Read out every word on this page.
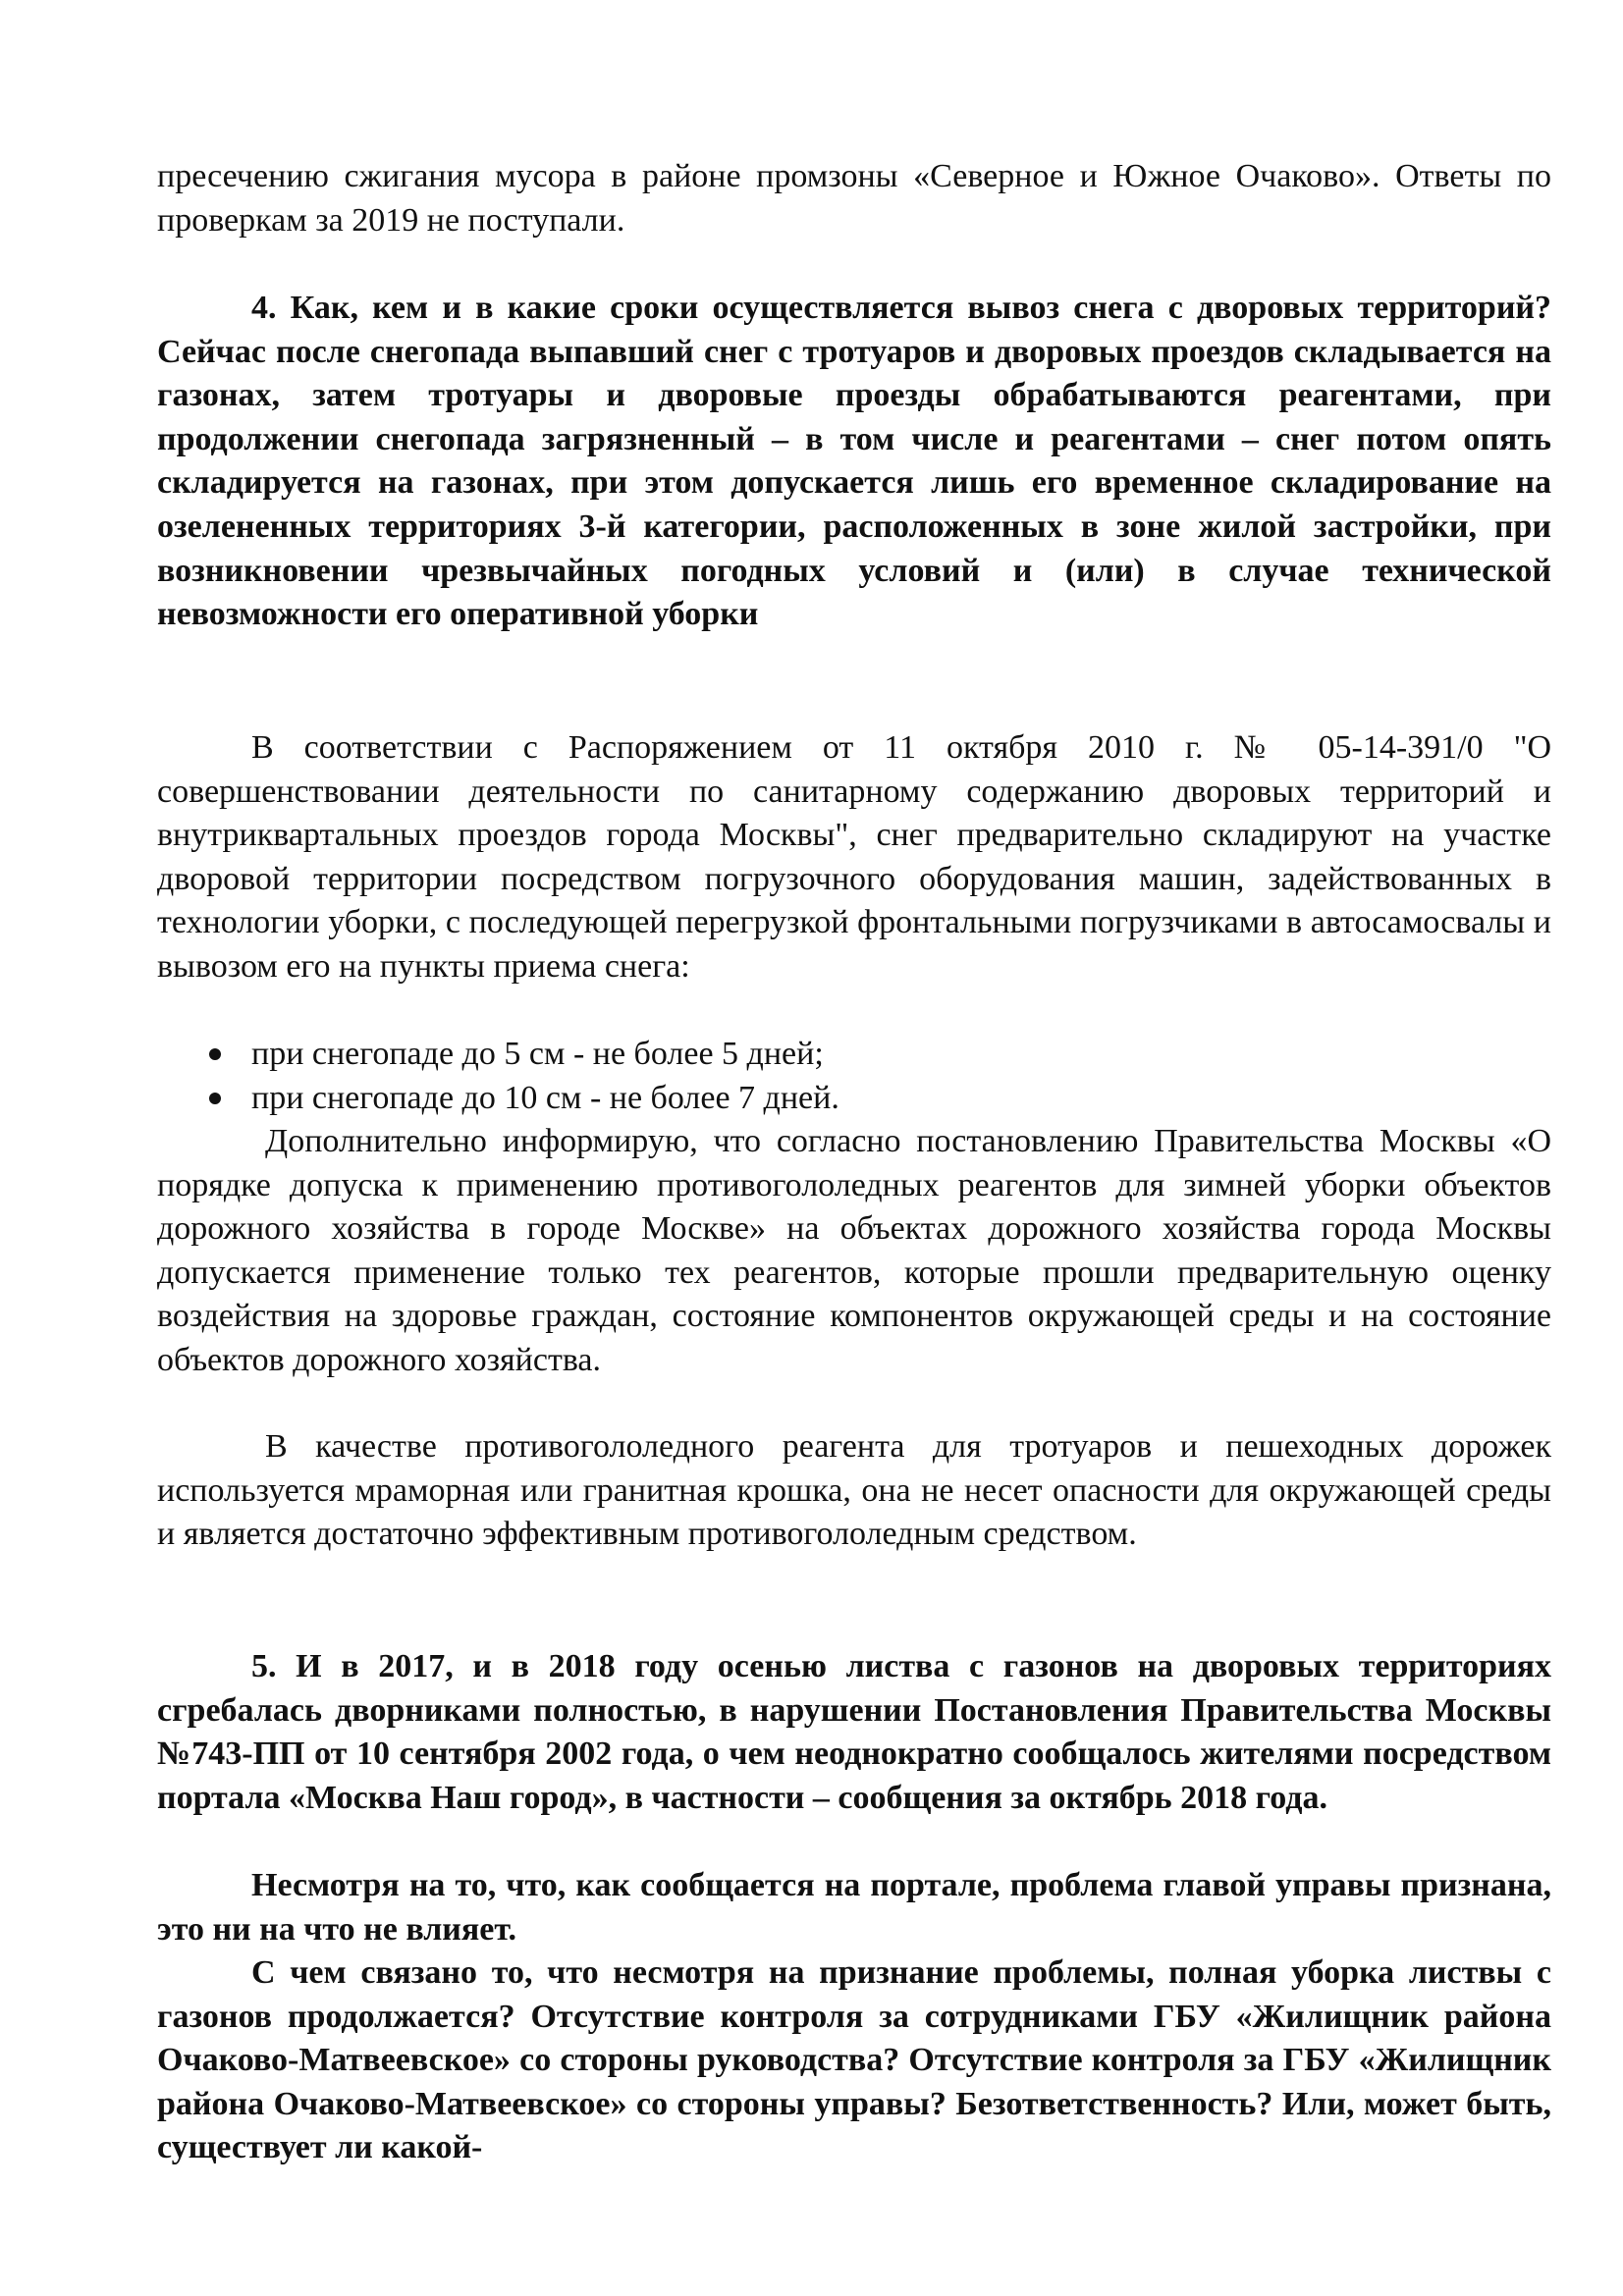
пресечению сжигания мусора в районе промзоны «Северное и Южное Очаково». Ответы по проверкам за 2019 не поступали.

4. Как, кем и в какие сроки осуществляется вывоз снега с дворовых территорий? Сейчас после снегопада выпавший снег с тротуаров и дворовых проездов складывается на газонах, затем тротуары и дворовые проезды обрабатываются реагентами, при продолжении снегопада загрязненный – в том числе и реагентами – снег потом опять складируется на газонах, при этом допускается лишь его временное складирование на озелененных территориях 3-й категории, расположенных в зоне жилой застройки, при возникновении чрезвычайных погодных условий и (или) в случае технической невозможности его оперативной уборки

В соответствии с Распоряжением от 11 октября 2010 г. № 05-14-391/0 "О совершенствовании деятельности по санитарному содержанию дворовых территорий и внутриквартальных проездов города Москвы", снег предварительно складируют на участке дворовой территории посредством погрузочного оборудования машин, задействованных в технологии уборки, с последующей перегрузкой фронтальными погрузчиками в автосамосвалы и вывозом его на пункты приема снега:

при снегопаде до 5 см - не более 5 дней;
при снегопаде до 10 см - не более 7 дней.

Дополнительно информирую, что согласно постановлению Правительства Москвы «О порядке допуска к применению противогололедных реагентов для зимней уборки объектов дорожного хозяйства в городе Москве» на объектах дорожного хозяйства города Москвы допускается применение только тех реагентов, которые прошли предварительную оценку воздействия на здоровье граждан, состояние компонентов окружающей среды и на состояние объектов дорожного хозяйства.

В качестве противогололедного реагента для тротуаров и пешеходных дорожек используется мраморная или гранитная крошка, она не несет опасности для окружающей среды и является достаточно эффективным противогололедным средством.

5. И в 2017, и в 2018 году осенью листва с газонов на дворовых территориях сгребалась дворниками полностью, в нарушении Постановления Правительства Москвы №743-ПП от 10 сентября 2002 года, о чем неоднократно сообщалось жителями посредством портала «Москва Наш город», в частности – сообщения за октябрь 2018 года.

Несмотря на то, что, как сообщается на портале, проблема главой управы признана, это ни на что не влияет.

С чем связано то, что несмотря на признание проблемы, полная уборка листвы с газонов продолжается? Отсутствие контроля за сотрудниками ГБУ «Жилищник района Очаково-Матвеевское» со стороны руководства? Отсутствие контроля за ГБУ «Жилищник района Очаково-Матвеевское» со стороны управы? Безответственность? Или, может быть, существует ли какой-
